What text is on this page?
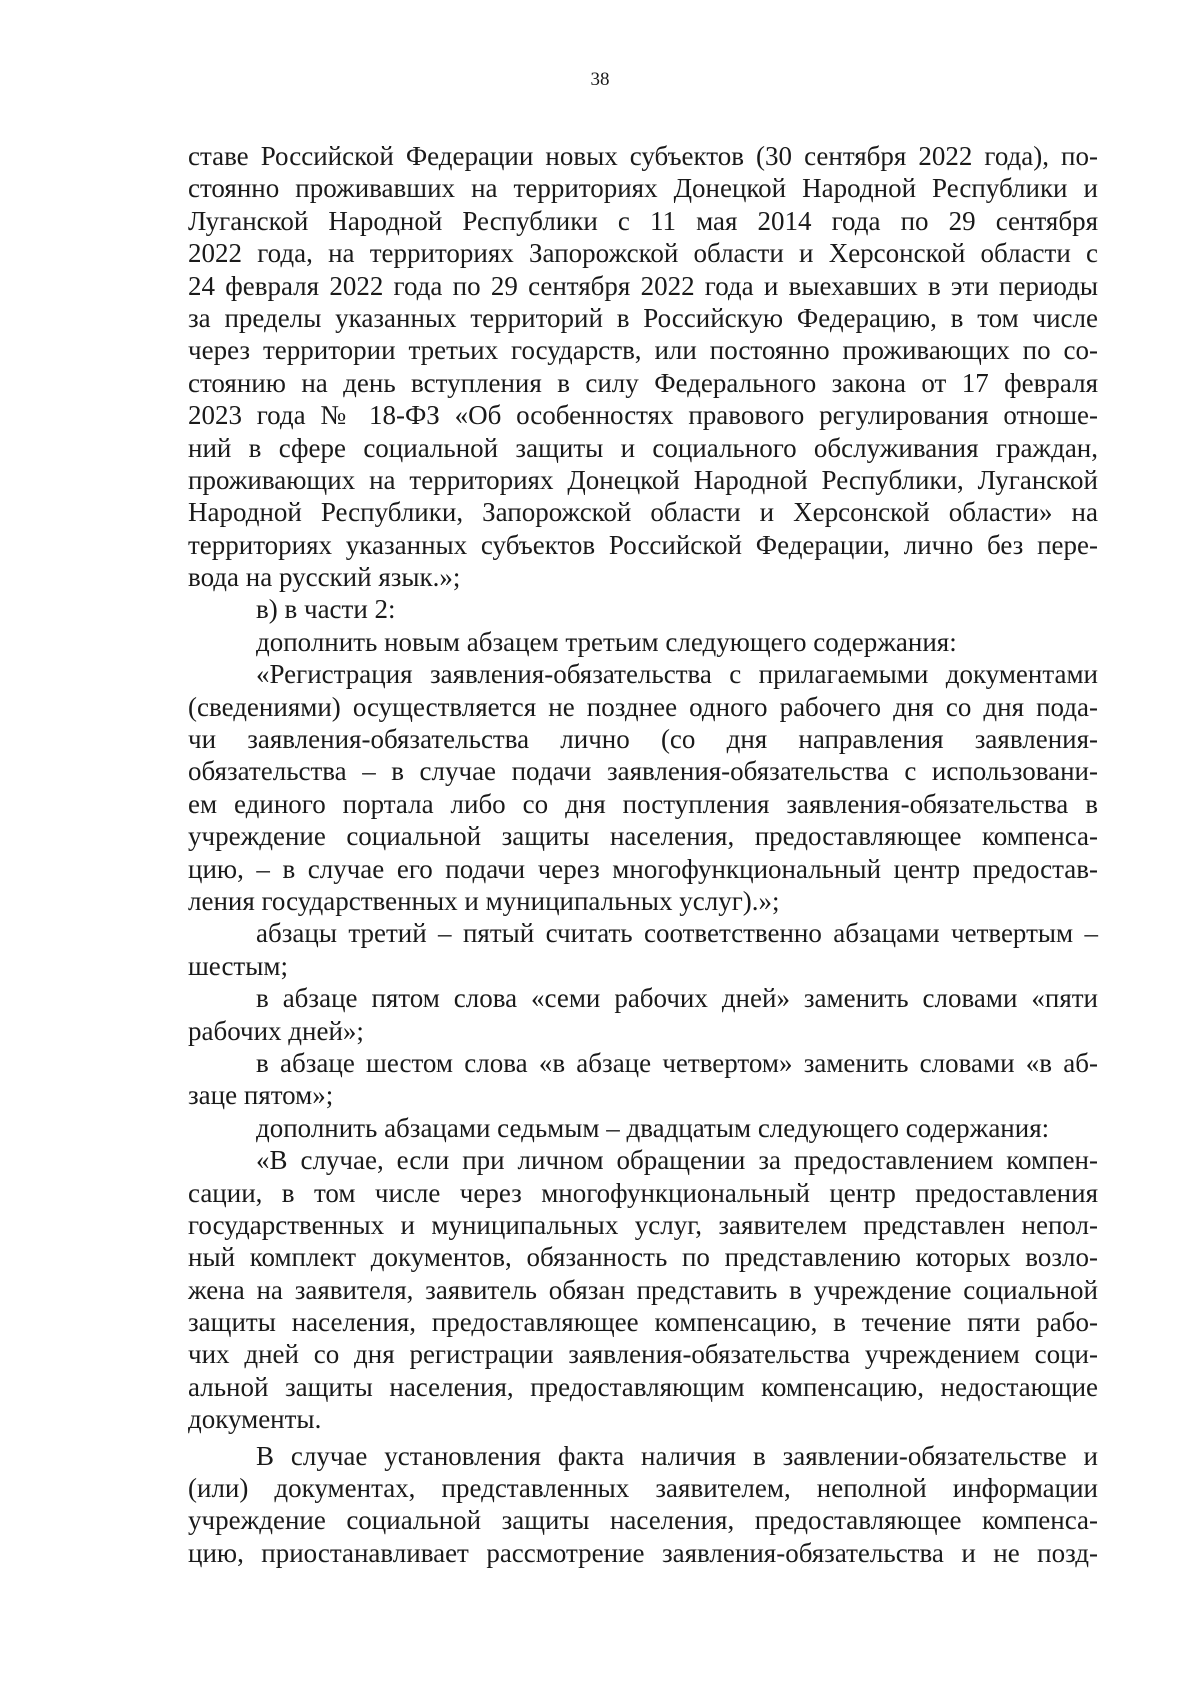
38
ставе Российской Федерации новых субъектов (30 сентября 2022 года), по-
стоянно проживавших на территориях Донецкой Народной Республики и
Луганской Народной Республики с 11 мая 2014 года по 29 сентября
2022 года, на территориях Запорожской области и Херсонской области с
24 февраля 2022 года по 29 сентября 2022 года и выехавших в эти периоды
за пределы указанных территорий в Российскую Федерацию, в том числе
через территории третьих государств, или постоянно проживающих по со-
стоянию на день вступления в силу Федерального закона от 17 февраля
2023 года № 18-ФЗ «Об особенностях правового регулирования отноше-
ний в сфере социальной защиты и социального обслуживания граждан,
проживающих на территориях Донецкой Народной Республики, Луганской
Народной Республики, Запорожской области и Херсонской области» на
территориях указанных субъектов Российской Федерации, лично без пере-
вода на русский язык.»;
в) в части 2:
дополнить новым абзацем третьим следующего содержания:
«Регистрация заявления-обязательства с прилагаемыми документами
(сведениями) осуществляется не позднее одного рабочего дня со дня пода-
чи заявления-обязательства лично (со дня направления заявления-
обязательства – в случае подачи заявления-обязательства с использовани-
ем единого портала либо со дня поступления заявления-обязательства в
учреждение социальной защиты населения, предоставляющее компенса-
цию, – в случае его подачи через многофункциональный центр предостав-
ления государственных и муниципальных услуг).»;
абзацы третий – пятый считать соответственно абзацами четвертым –
шестым;
в абзаце пятом слова «семи рабочих дней» заменить словами «пяти
рабочих дней»;
в абзаце шестом слова «в абзаце четвертом» заменить словами «в аб-
заце пятом»;
дополнить абзацами седьмым – двадцатым следующего содержания:
«В случае, если при личном обращении за предоставлением компен-
сации, в том числе через многофункциональный центр предоставления
государственных и муниципальных услуг, заявителем представлен непол-
ный комплект документов, обязанность по представлению которых возло-
жена на заявителя, заявитель обязан представить в учреждение социальной
защиты населения, предоставляющее компенсацию, в течение пяти рабо-
чих дней со дня регистрации заявления-обязательства учреждением соци-
альной защиты населения, предоставляющим компенсацию, недостающие
документы.
В случае установления факта наличия в заявлении-обязательстве и
(или) документах, представленных заявителем, неполной информации
учреждение социальной защиты населения, предоставляющее компенса-
цию, приостанавливает рассмотрение заявления-обязательства и не позд-
